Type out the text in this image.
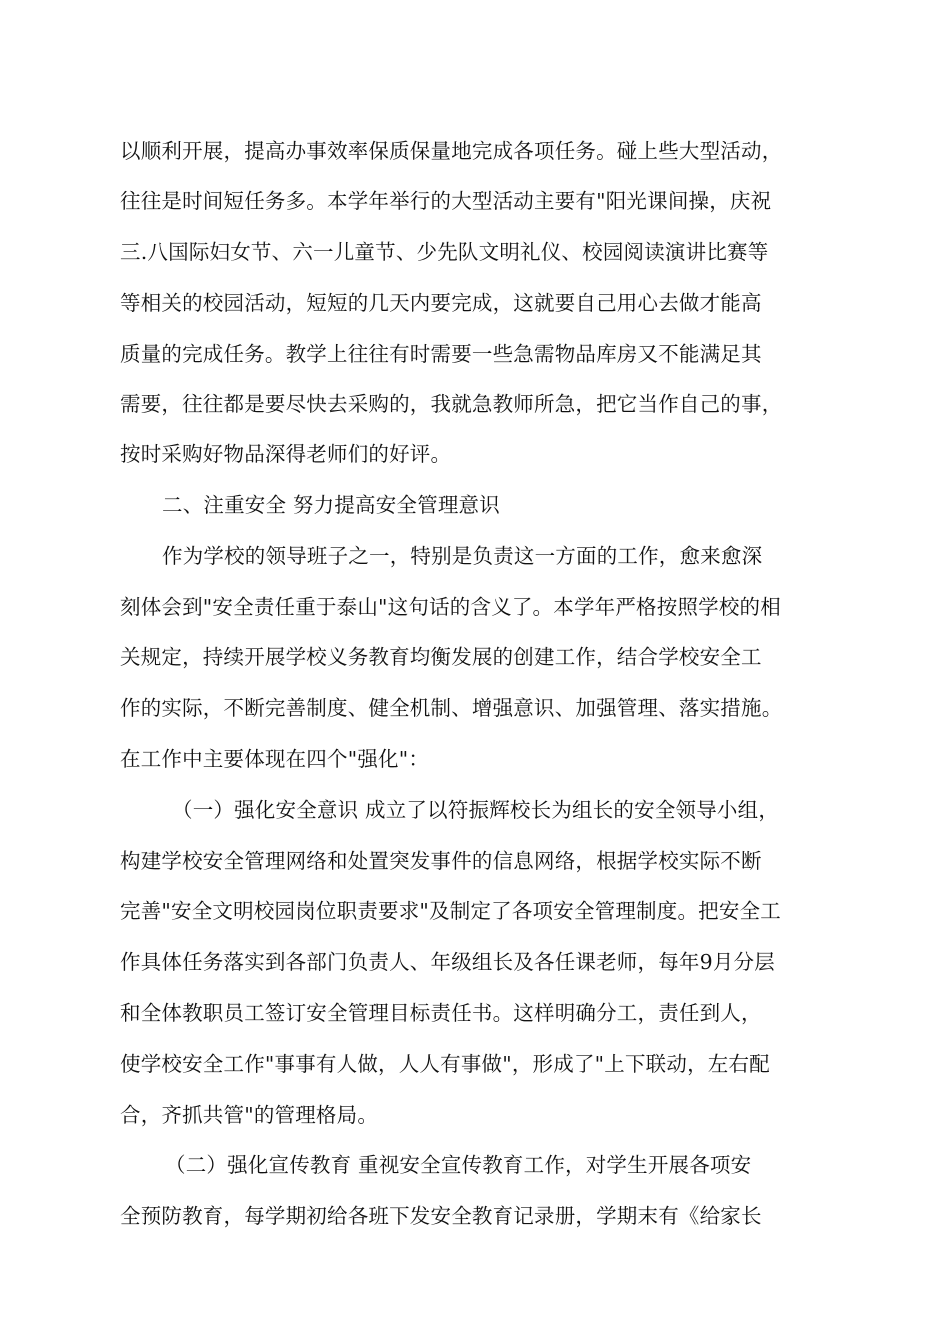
以顺利开展，提高办事效率保质保量地完成各项任务。碰上些大型活动，

往往是时间短任务多。本学年举行的大型活动主要有"阳光课间操，庆祝

三.八国际妇女节、六一儿童节、少先队文明礼仪、校园阅读演讲比赛等

等相关的校园活动，短短的几天内要完成，这就要自己用心去做才能高

质量的完成任务。教学上往往有时需要一些急需物品库房又不能满足其

需要，往往都是要尽快去采购的，我就急教师所急，把它当作自己的事，

按时采购好物品深得老师们的好评。

二、注重安全 努力提高安全管理意识

作为学校的领导班子之一，特别是负责这一方面的工作，愈来愈深

刻体会到"安全责任重于泰山"这句话的含义了。本学年严格按照学校的相

关规定，持续开展学校义务教育均衡发展的创建工作，结合学校安全工

作的实际，不断完善制度、健全机制、增强意识、加强管理、落实措施。

在工作中主要体现在四个"强化"：

（一）强化安全意识 成立了以符振辉校长为组长的安全领导小组，

构建学校安全管理网络和处置突发事件的信息网络，根据学校实际不断

完善"安全文明校园岗位职责要求"及制定了各项安全管理制度。把安全工

作具体任务落实到各部门负责人、年级组长及各任课老师，每年9月分层

和全体教职员工签订安全管理目标责任书。这样明确分工，责任到人，

使学校安全工作"事事有人做，人人有事做"，形成了"上下联动，左右配

合，齐抓共管"的管理格局。

（二）强化宣传教育 重视安全宣传教育工作，对学生开展各项安

全预防教育，每学期初给各班下发安全教育记录册，学期末有《给家长
